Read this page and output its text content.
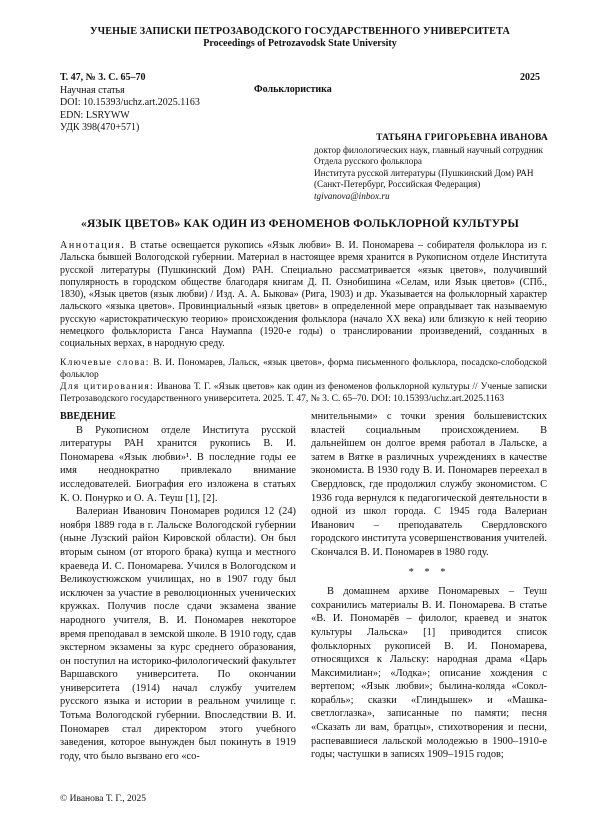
УЧЕНЫЕ ЗАПИСКИ ПЕТРОЗАВОДСКОГО ГОСУДАРСТВЕННОГО УНИВЕРСИТЕТА
Proceedings of Petrozavodsk State University
Т. 47, № 3. С. 65–70
Научная статья
DOI: 10.15393/uchz.art.2025.1163
EDN: LSRYWW
УДК 398(470+571)
Фольклористика
2025
ТАТЬЯНА ГРИГОРЬЕВНА ИВАНОВА
доктор филологических наук, главный научный сотрудник
Отдела русского фольклора
Института русской литературы (Пушкинский Дом) РАН
(Санкт-Петербург, Российская Федерация)
tgivanova@inbox.ru
«ЯЗЫК ЦВЕТОВ» КАК ОДИН ИЗ ФЕНОМЕНОВ ФОЛЬКЛОРНОЙ КУЛЬТУРЫ
Аннотация. В статье освещается рукопись «Язык любви» В. И. Пономарева – собирателя фольклора из г. Лальска бывшей Вологодской губернии. Материал в настоящее время хранится в Рукописном отделе Института русской литературы (Пушкинский Дом) РАН. Специально рассматривается «язык цветов», получивший популярность в городском обществе благодаря книгам Д. П. Ознобишина «Селам, или Язык цветов» (СПб., 1830), «Язык цветов (язык любви) / Изд. А. А. Быкова» (Рига, 1903) и др. Указывается на фольклорный характер лальского «языка цветов». Провинциальный «язык цветов» в определенной мере оправдывает так называемую русскую «аристократическую теорию» происхождения фольклора (начало XX века) или близкую к ней теорию немецкого фольклориста Ганса Наумanna (1920-е годы) о транслировании произведений, созданных в социальных верхах, в народную среду.
Ключевые слова: В. И. Пономарев, Лальск, «язык цветов», форма письменного фольклора, посадско-слободской фольклор
Для цитирования: Иванова Т. Г. «Язык цветов» как один из феноменов фольклорной культуры // Ученые записки Петрозаводского государственного университета. 2025. Т. 47, № 3. С. 65–70. DOI: 10.15393/uchz.art.2025.1163

ВВЕДЕНИЕ

В Рукописном отделе Института русской литературы РАН хранится рукопись В. И. Пономарева «Язык любви»¹. В последние годы ее имя неоднократно привлекало внимание исследователей. Биография его изложена в статьях К. О. Понурко и О. А. Теуш [1], [2].

Валериан Иванович Пономарев родился 12 (24) ноября 1889 года в г. Лальске Вологодской губернии (ныне Лузский район Кировской области). Он был вторым сыном (от второго брака) купца и местного краеведа И. С. Пономарева. Учился в Вологодском и Великоустюжском училищах, но в 1907 году был исключен за участие в революционных ученических кружках. Получив после сдачи экзамена звание народного учителя, В. И. Пономарев некоторое время преподавал в земской школе. В 1910 году, сдав экстерном экзамены за курс среднего образования, он поступил на историко-филологический факультет Варшавского университета. По окончании университета (1914) начал службу учителем русского языка и истории в реальном училище г. Тотьма Вологодской губернии. Впоследствии В. И. Пономарев стал директором этого учебного заведения, которое вынужден был покинуть в 1919 году, что было вызвано его «со-

мнительными» с точки зрения большевистских властей социальным происхождением. В дальнейшем он долгое время работал в Лальске, а затем в Вятке в различных учреждениях в качестве экономиста. В 1930 году В. И. Пономарев переехал в Свердловск, где продолжил службу экономистом. С 1936 года вернулся к педагогической деятельности в одной из школ города. С 1945 года Валериан Иванович – преподаватель Свердловского городского института усовершенствования учителей. Скончался В. И. Пономарев в 1980 году.

* * *

В домашнем архиве Пономаревых – Теуш сохранились материалы В. И. Пономарева. В статье «В. И. Пономарёв – филолог, краевед и знаток культуры Лальска» [1] приводится список фольклорных рукописей В. И. Пономарева, относящихся к Лальску: народная драма «Царь Максимилиан»; «Лодка»; описание хождения с вертепом; «Язык любви»; былина-коляда «Сокол-корабль»; сказки «Глиндышек» и «Машка-светлоглазка», записанные по памяти; песня «Сказать ли вам, братцы», стихотворения и песни, распевавшиеся лальской молодежью в 1900–1910-е годы; частушки в записях 1909–1915 годов;

© Иванова Т. Г., 2025
